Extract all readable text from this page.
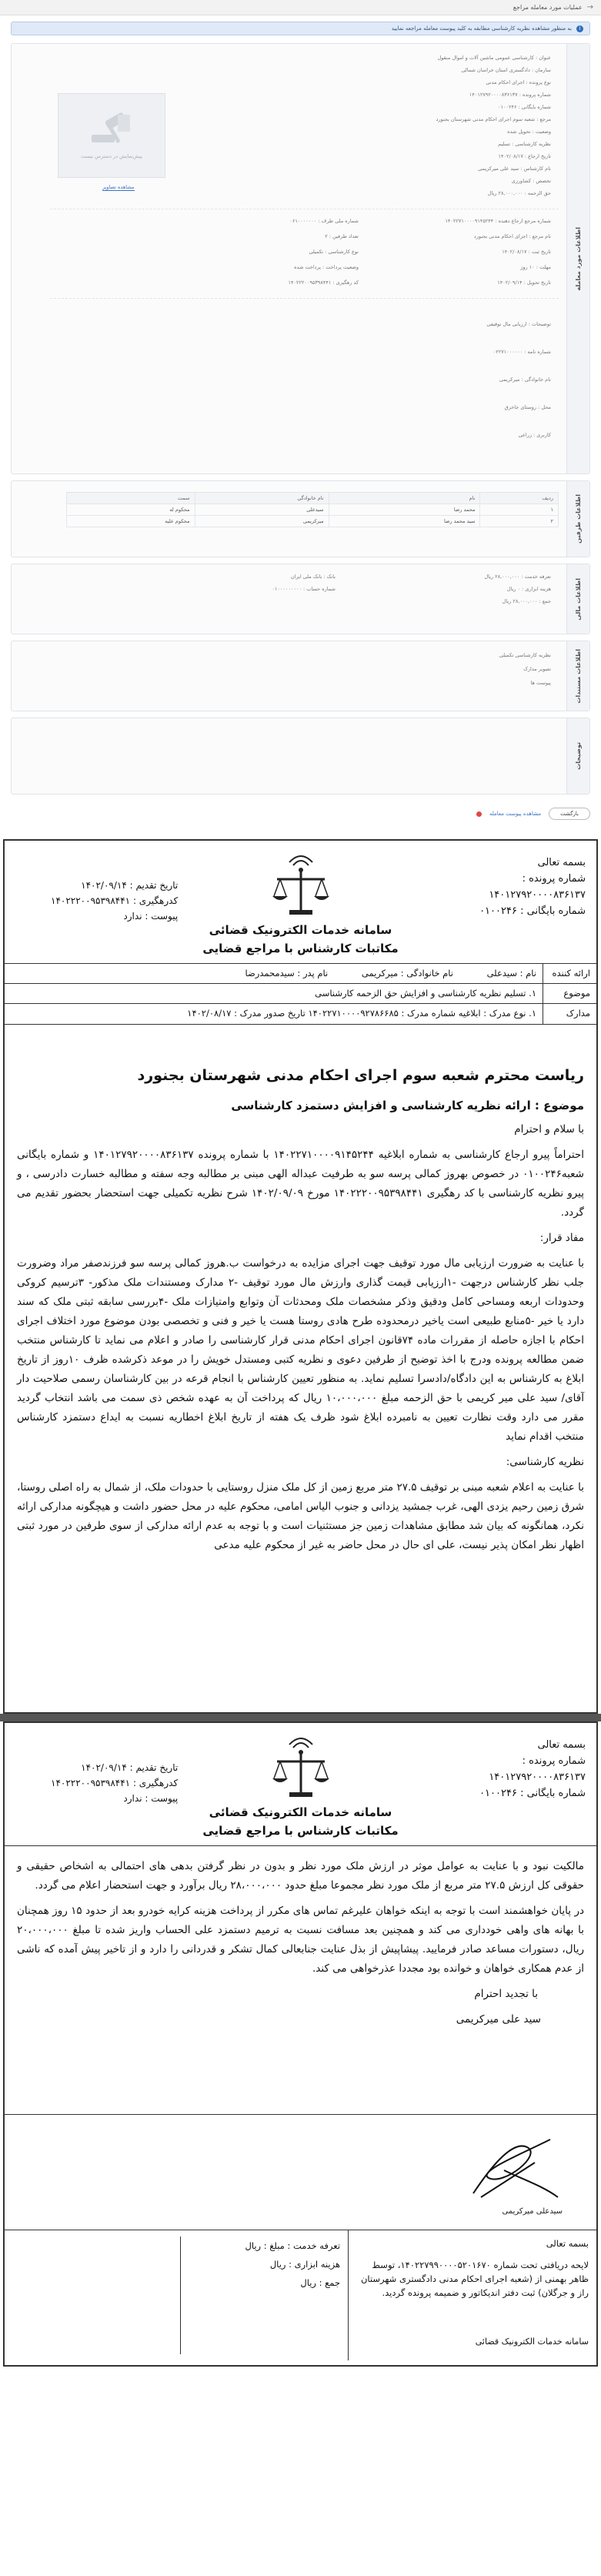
→
عملیات مورد معامله مراجع
i
به منظور مشاهده نظریه کارشناسی مطابقه به کلید پیوست معامله مراجعه نمایید
اطلاعات مورد معامله
پیش‌نمایش در دسترس نیست
مشاهده تصاویر
عنوان : کارشناسی عمومی ماشین آلات و اموال منقول
سازمان : دادگستری استان خراسان شمالی
نوع پرونده : اجرای احکام مدنی
شماره پرونده : ۱۴۰۱۲۷۹۲۰۰۰۰۸۳۶۱۳۷
شماره بایگانی : ۰۱۰۰۲۴۶
مرجع : شعبه سوم اجرای احکام مدنی شهرستان بجنورد
وضعیت : تحویل شده
نظریه کارشناسی : تسلیم
تاریخ ارجاع : ۱۴۰۲/۰۸/۱۷
نام کارشناس : سید علی میرکریمی
تخصص : کشاورزی
حق الزحمه : ۲۸,۰۰۰,۰۰۰ ریال
شماره مرجع ارجاع دهنده : ۱۴۰۲۲۷۱۰۰۰۰۹۱۴۵۲۴۴
نام مرجع : اجرای احکام مدنی بجنورد
تاریخ ثبت : ۱۴۰۲/۰۸/۱۷
مهلت : ۱۰ روز
تاریخ تحویل : ۱۴۰۲/۰۹/۱۴
شماره ملی طرف : ۰۶۱۰۰۰۰۰۰۰
تعداد طرفین : ۲
نوع کارشناسی : تکمیلی
وضعیت پرداخت : پرداخت شده
کد رهگیری : ۱۴۰۲۲۲۰۰۹۵۳۹۸۴۴۱
توضیحات : ارزیابی مال توقیفی
شماره نامه : ۰۲۲۷۱۰۰۰۰۰۰
نام خانوادگی : میرکریمی
محل : روستای جاخرق
کاربری : زراعی
اطلاعات طرفین
ردیف	نام	نام خانوادگی	سمت
۱	محمد رضا	سیدعلی	محکوم له
۲	سید محمد رضا	میرکریمی	محکوم علیه
اطلاعات مالی
تعرفه خدمت : ۲۸,۰۰۰,۰۰۰ ریال
هزینه ابزاری : ۰ ریال
جمع : ۲۸,۰۰۰,۰۰۰ ریال
بانک : بانک ملی ایران
شماره حساب : ۰۱۰۰۰۰۰۰۰۰۰
اطلاعات مستندات
نظریه کارشناسی تکمیلی
تصویر مدارک
پیوست ها
توضیحات
بازگشت
مشاهده پیوست معامله
بسمه تعالی
شماره پرونده :
۱۴۰۱۲۷۹۲۰۰۰۰۸۳۶۱۳۷
شماره بایگانی : ۰۱۰۰۲۴۶
تاریخ تقدیم : ۱۴۰۲/۰۹/۱۴
کدرهگیری : ۱۴۰۲۲۲۰۰۹۵۳۹۸۴۴۱
پیوست : ندارد
سامانه خدمات الکترونیک قضائی
مکاتبات کارشناس با مراجع قضایی
ارائه کننده
نام : سیدعلی نام خانوادگی : میرکریمی نام پدر : سیدمحمدرضا
موضوع
۱. تسلیم نظریه کارشناسی و افزایش حق الزحمه کارشناسی
مدارک
۱. نوع مدرک : ابلاغیه شماره مدرک : ۱۴۰۲۲۷۱۰۰۰۰۹۲۷۸۶۶۸۵ تاریخ صدور مدرک : ۱۴۰۲/۰۸/۱۷
ریاست محترم شعبه سوم اجرای احکام مدنی شهرستان بجنورد
موضوع : ارائه نظریه کارشناسی و افزایش دستمزد کارشناسی

با سلام و احترام

احتراماً پیرو ارجاع کارشناسی به شماره ابلاغیه ۱۴۰۲۲۷۱۰۰۰۰۹۱۴۵۲۴۴ با شماره پرونده ۱۴۰۱۲۷۹۲۰۰۰۰۸۳۶۱۳۷ و شماره بایگانی شعبه۰۱۰۰۲۴۶ در خصوص بهروز کمالی پرسه سو به طرفیت عبداله الهی مبنی بر مطالبه وجه سفته و مطالبه خسارت دادرسی ، و پیرو نظریه کارشناسی با کد رهگیری ۱۴۰۲۲۲۰۰۹۵۳۹۸۴۴۱ مورخ ۱۴۰۲/۰۹/۰۹ شرح نظریه تکمیلی جهت استحضار بحضور تقدیم می گردد.

مفاد قرار:

با عنایت به ضرورت ارزیابی مال مورد توقیف جهت اجرای مزایده به درخواست ب.هروز کمالی پرسه سو فرزندصفر مراد وضرورت جلب نظر کارشناس درجهت -۱ارزیابی قیمت گذاری وارزش مال مورد توقیف -۲ مدارک ومستندات ملک مذکور- ۳ترسیم کروکی وحدودات اربعه ومساحی کامل ودقیق وذکر مشخصات ملک ومحدثات آن وتوابع وامتیازات ملک -۴بررسی سابقه ثبتی ملک که سند دارد یا خیر -۵منابع طبیعی است یاخیر درمحدوده طرح هادی روستا هست یا خیر و فنی و تخصصی بودن موضوع مورد اختلاف اجرای احکام با اجازه حاصله از مقررات ماده ۷۴قانون اجرای احکام مدنی قرار کارشناسی را صادر و اعلام می نماید تا کارشناس منتخب ضمن مطالعه پرونده ودرج با اخذ توضیح از طرفین دعوی و نظریه کتبی ومستدل خویش را در موعد ذکرشده ظرف ۱۰روز از تاریخ ابلاغ به کارشناس به این دادگاه/دادسرا تسلیم نماید. به منظور تعیین کارشناس با انجام قرعه در بین کارشناسان رسمی صلاحیت دار آقای/ سید علی میر کریمی با حق الزحمه مبلغ ۱۰،۰۰۰،۰۰۰ ریال که پرداخت آن به عهده شخص ذی سمت می باشد انتخاب گردید مقرر می دارد وقت نظارت تعیین به نامبرده ابلاغ شود ظرف یک هفته از تاریخ ابلاغ اخطاریه نسبت به ایداع دستمزد کارشناس منتخب اقدام نماید

نظریه کارشناسی:

با عنایت به اعلام شعبه مبنی بر توقیف ۲۷.۵ متر مربع زمین از کل ملک منزل روستایی با حدودات ملک، از شمال به راه اصلی روستا، شرق زمین رحیم یزدی الهی، غرب جمشید یزدانی و جنوب الیاس امامی، محکوم علیه در محل حضور داشت و هیچگونه مدارکی ارائه نکرد، همانگونه که بیان شد مطابق مشاهدات زمین جز مستثنیات است و با توجه به عدم ارائه مدارکی از سوی طرفین در مورد ثبتی اظهار نظر امکان پذیر نیست، علی ای حال در محل حاضر به غیر از محکوم علیه مدعی

بسمه تعالی
شماره پرونده :
۱۴۰۱۲۷۹۲۰۰۰۰۸۳۶۱۳۷
شماره بایگانی : ۰۱۰۰۲۴۶
تاریخ تقدیم : ۱۴۰۲/۰۹/۱۴
کدرهگیری : ۱۴۰۲۲۲۰۰۹۵۳۹۸۴۴۱
پیوست : ندارد
سامانه خدمات الکترونیک قضائی
مکاتبات کارشناس با مراجع قضایی

مالکیت نبود و با عنایت به عوامل موثر در ارزش ملک مورد نظر و بدون در نظر گرفتن بدهی های احتمالی به اشخاص حقیقی و حقوقی کل ارزش ۲۷.۵ متر مربع از ملک مورد نظر مجموعا مبلغ حدود ۲۸،۰۰۰،۰۰۰ ریال برآورد و جهت استحضار اعلام می گردد.

در پایان خواهشمند است با توجه به اینکه خواهان علیرغم تماس های مکرر از پرداخت هزینه کرایه خودرو بعد از حدود ۱۵ روز همچنان با بهانه های واهی خودداری می کند و همچنین بعد مسافت نسبت به ترمیم دستمزد علی الحساب واریز شده تا مبلغ ۲۰،۰۰۰،۰۰۰ ریال، دستورات مساعد صادر فرمایید. پیشاپیش از بذل عنایت جنابعالی کمال تشکر و قدردانی را دارد و از تاخیر پیش آمده که ناشی از عدم همکاری خواهان و خوانده بود مجددا عذرخواهی می کند.

با تجدید احترام

سید علی میرکریمی

سیدعلی میرکریمی
بسمه تعالی
لایحه دریافتی تحت شماره ۱۴۰۲۲۷۹۹۰۰۰۰۵۲۰۱۶۷۰، توسط ظاهر بهمنی از (شعبه اجرای احکام مدنی دادگستری شهرستان راز و جرگلان) ثبت دفتر اندیکاتور و ضمیمه پرونده گردید.
سامانه خدمات الکترونیک قضائی
تعرفه خدمت : مبلغ : ریال
هزینه ابزاری : ریال
جمع : ریال
